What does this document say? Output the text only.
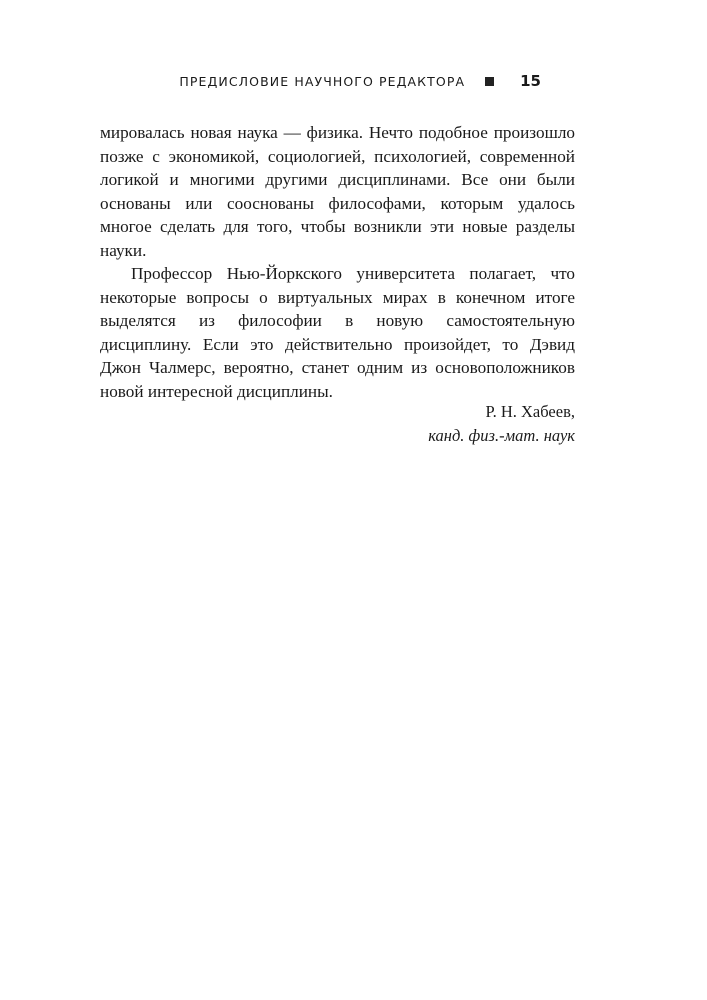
ПРЕДИСЛОВИЕ НАУЧНОГО РЕДАКТОРА	15

мировалась новая наука — физика. Нечто подобное произошло позже с экономикой, социологией, психологией, современной логикой и многими другими дисциплинами. Все они были основаны или сооснованы философами, которым удалось многое сделать для того, чтобы возникли эти новые разделы науки.

Профессор Нью-Йоркского университета полагает, что некоторые вопросы о виртуальных мирах в конечном итоге выделятся из философии в новую самостоятельную дисциплину. Если это действительно произойдет, то Дэвид Джон Чалмерс, вероятно, станет одним из основоположников новой интересной дисциплины.

Р. Н. Хабеев,
канд. физ.-мат. наук
